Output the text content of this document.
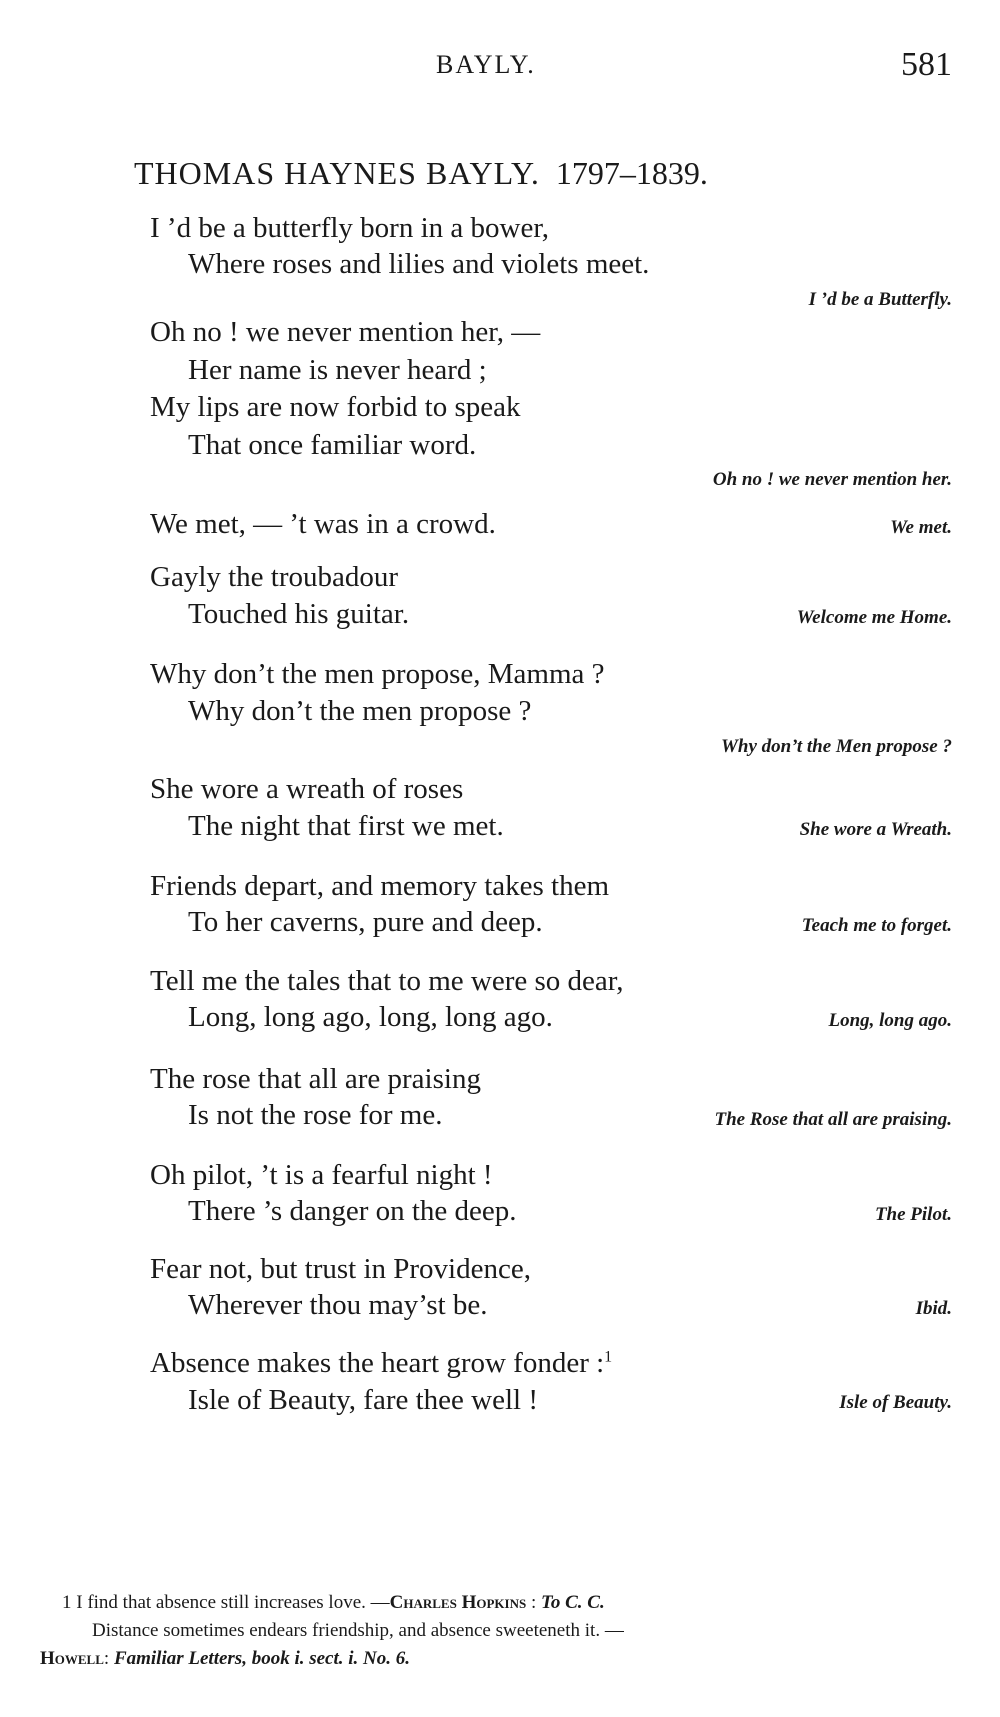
BAYLY.	581
THOMAS HAYNES BAYLY. 1797–1839.
I ’d be a butterfly born in a bower,
Where roses and lilies and violets meet.
I ’d be a Butterfly.
Oh no ! we never mention her, —
Her name is never heard ;
My lips are now forbid to speak
That once familiar word.
Oh no ! we never mention her.
We met, — ’t was in a crowd.	We met.
Gayly the troubadour
Touched his guitar.	Welcome me Home.
Why don’t the men propose, Mamma ?
Why don’t the men propose ?
Why don’t the Men propose ?
She wore a wreath of roses
The night that first we met.	She wore a Wreath.
Friends depart, and memory takes them
To her caverns, pure and deep.	Teach me to forget.
Tell me the tales that to me were so dear,
Long, long ago, long, long ago.	Long, long ago.
The rose that all are praising
Is not the rose for me.	The Rose that all are praising.
Oh pilot, ’t is a fearful night !
There ’s danger on the deep.	The Pilot.
Fear not, but trust in Providence,
Wherever thou may’st be.	Ibid.
Absence makes the heart grow fonder :$^1$
Isle of Beauty, fare thee well !	Isle of Beauty.
1 I find that absence still increases love. —Charles Hopkins : To C. C.
Distance sometimes endears friendship, and absence sweeteneth it. —
Howell: Familiar Letters, book i. sect. i. No. 6.
